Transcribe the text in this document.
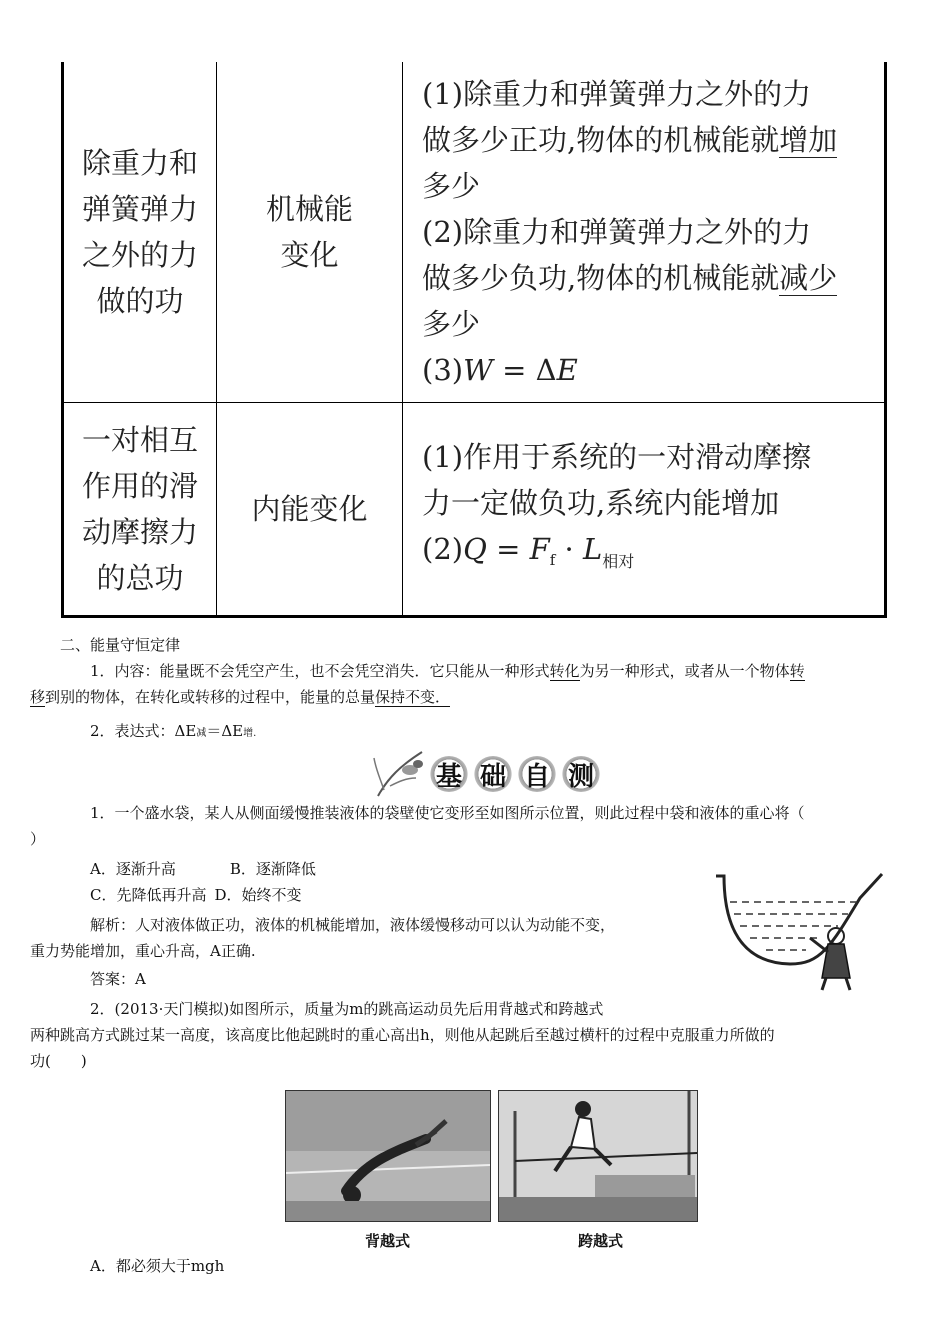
除重力和
弹簧弹力
之外的力
做的功
机械能
变化
(1)除重力和弹簧弹力之外的力
做多少正功,物体的机械能就增加
多少
(2)除重力和弹簧弹力之外的力
做多少负功,物体的机械能就减少
多少
(3)W = ΔE
一对相互
作用的滑
动摩擦力
的总功
内能变化
(1)作用于系统的一对滑动摩擦
力一定做负功,系统内能增加
$(2)Q = F_f \cdot L_{相对}$
二、能量守恒定律
1．内容：能量既不会凭空产生，也不会凭空消失．它只能从一种形式转化为另一种形式，或者从一个物体转
移到别的物体，在转化或转移的过程中，能量的总量保持不变．
2．表达式：ΔE减＝ΔE增.
基 础 自 测
1．一个盛水袋，某人从侧面缓慢推装液体的袋壁使它变形至如图所示位置，则此过程中袋和液体的重心将（
）
A．逐渐升高	B．逐渐降低
C．先降低再升高 D．始终不变
解析：人对液体做正功，液体的机械能增加，液体缓慢移动可以认为动能不变，
重力势能增加，重心升高，A正确.
答案：A
2．(2013·天门模拟)如图所示，质量为m的跳高运动员先后用背越式和跨越式
两种跳高方式跳过某一高度，该高度比他起跳时的重心高出h，则他从起跳后至越过横杆的过程中克服重力所做的
功(　　)
背越式	跨越式
A．都必须大于mgh
